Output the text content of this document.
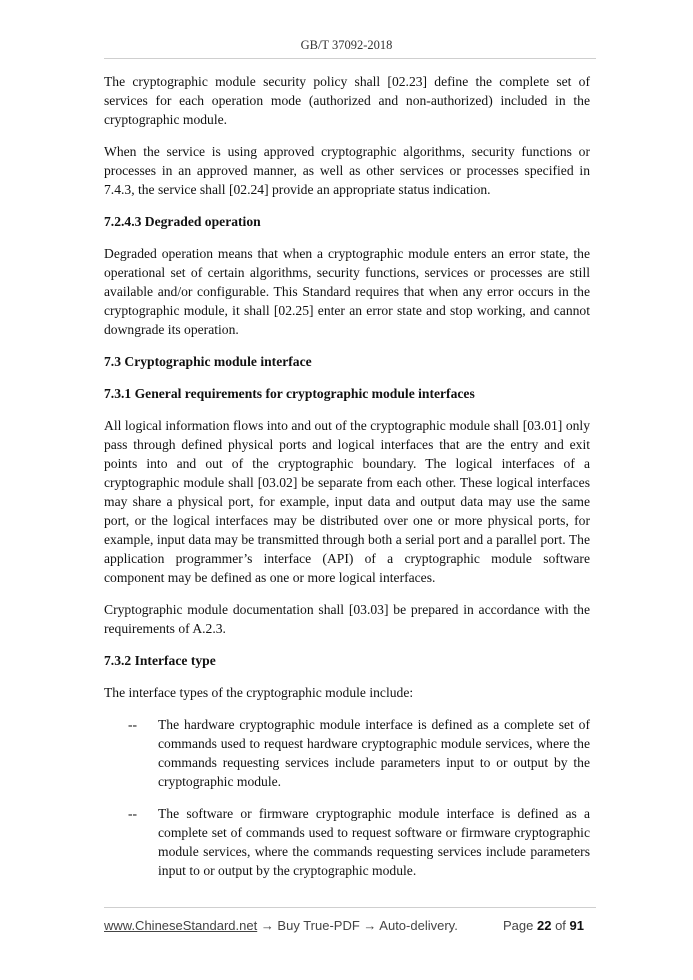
GB/T 37092-2018

The cryptographic module security policy shall [02.23] define the complete set of services for each operation mode (authorized and non-authorized) included in the cryptographic module.

When the service is using approved cryptographic algorithms, security functions or processes in an approved manner, as well as other services or processes specified in 7.4.3, the service shall [02.24] provide an appropriate status indication.

7.2.4.3 Degraded operation

Degraded operation means that when a cryptographic module enters an error state, the operational set of certain algorithms, security functions, services or processes are still available and/or configurable. This Standard requires that when any error occurs in the cryptographic module, it shall [02.25] enter an error state and stop working, and cannot downgrade its operation.

7.3 Cryptographic module interface
7.3.1 General requirements for cryptographic module interfaces

All logical information flows into and out of the cryptographic module shall [03.01] only pass through defined physical ports and logical interfaces that are the entry and exit points into and out of the cryptographic boundary. The logical interfaces of a cryptographic module shall [03.02] be separate from each other. These logical interfaces may share a physical port, for example, input data and output data may use the same port, or the logical interfaces may be distributed over one or more physical ports, for example, input data may be transmitted through both a serial port and a parallel port. The application programmer’s interface (API) of a cryptographic module software component may be defined as one or more logical interfaces.

Cryptographic module documentation shall [03.03] be prepared in accordance with the requirements of A.2.3.

7.3.2 Interface type

The interface types of the cryptographic module include:

-- The hardware cryptographic module interface is defined as a complete set of commands used to request hardware cryptographic module services, where the commands requesting services include parameters input to or output by the cryptographic module.
-- The software or firmware cryptographic module interface is defined as a complete set of commands used to request software or firmware cryptographic module services, where the commands requesting services include parameters input to or output by the cryptographic module.
www.ChineseStandard.net → Buy True-PDF → Auto-delivery.	Page 22 of 91
